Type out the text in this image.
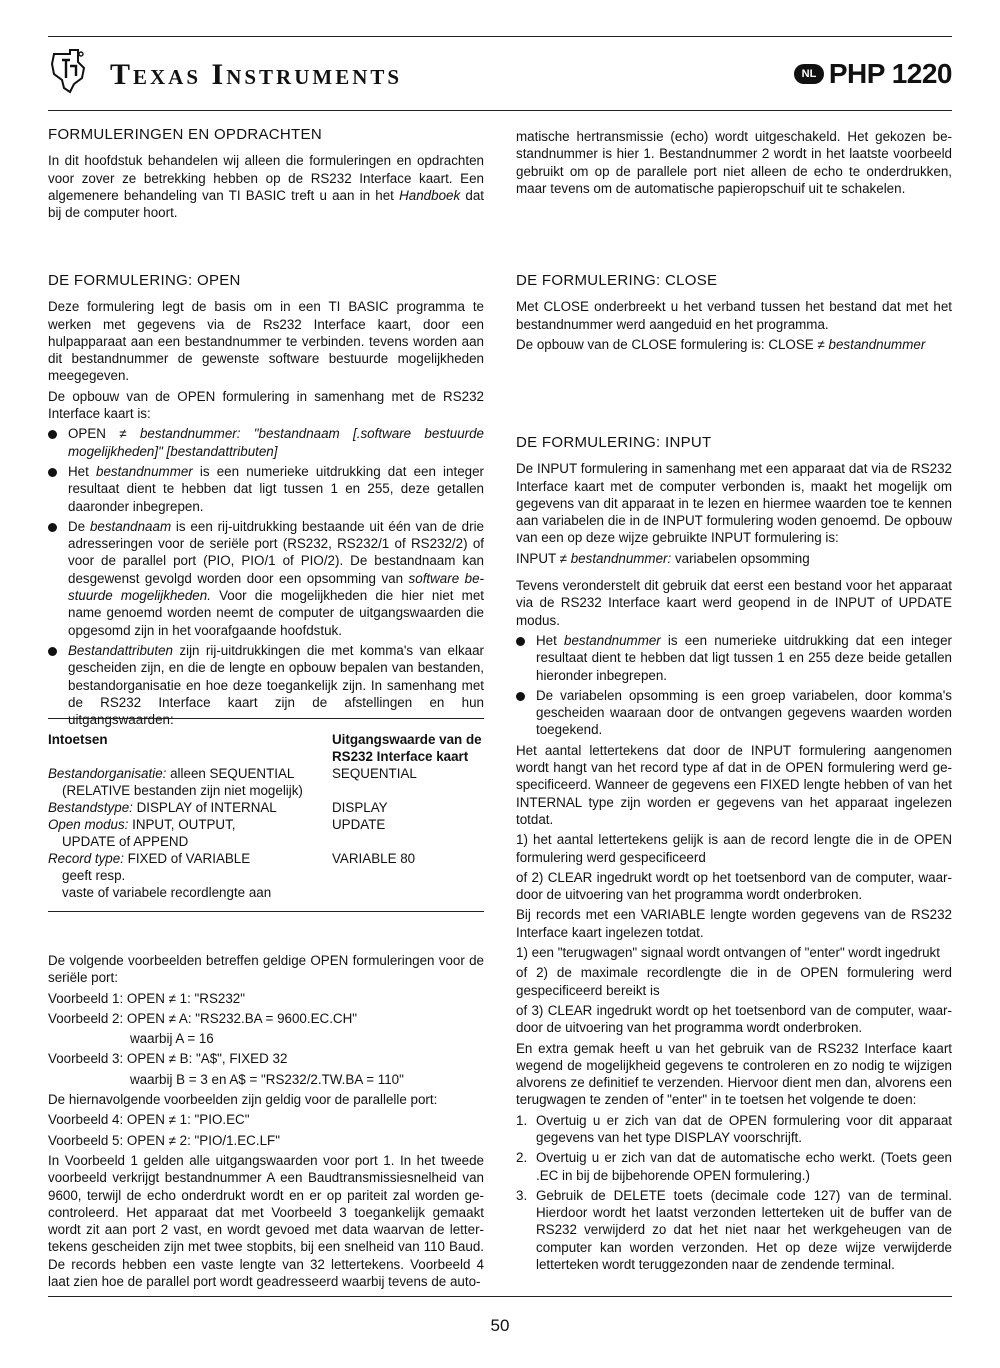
Texas Instruments	NL PHP 1220
FORMULERINGEN EN OPDRACHTEN

In dit hoofdstuk behandelen wij alleen die formuleringen en opdrachten voor zover ze betrekking hebben op de RS232 Interface kaart. Een algemenere behandeling van TI BASIC treft u aan in het Handboek dat bij de computer hoort.

DE FORMULERING: OPEN

Deze formulering legt de basis om in een TI BASIC programma te werken met gegevens via de Rs232 Interface kaart, door een hulpapparaat aan een bestandnummer te verbinden. tevens worden aan dit bestandnummer de gewenste software bestuurde mogelijkheden meegegeven.

De opbouw van de OPEN formulering in samenhang met de RS232 Interface kaart is:

OPEN ≠ bestandnummer: "bestandnaam [.software bestuurde mogelijkheden]" [bestandattributen]
Het bestandnummer is een numerieke uitdrukking dat een integer resultaat dient te hebben dat ligt tussen 1 en 255, deze getallen daaronder inbegrepen.
De bestandnaam is een rij-uitdrukking bestaande uit één van de drie adresseringen voor de seriële port (RS232, RS232/1 of RS232/2) of voor de parallel port (PIO, PIO/1 of PIO/2). De bestandnaam kan desgewenst gevolgd worden door een opsomming van software bestuurde mogelijkheden. Voor die mogelijkheden die hier niet met name genoemd worden neemt de computer de uitgangswaarden die opgesomd zijn in het voorafgaande hoofdstuk.
Bestandattributen zijn rij-uitdrukkingen die met komma's van elkaar gescheiden zijn, en die de lengte en opbouw bepalen van bestanden, bestandorganisatie en hoe deze toegankelijk zijn. In samenhang met de RS232 Interface kaart zijn de afstellingen en hun uitgangswaarden:
Intoetsen	Uitgangswaarde van de
RS232 Interface kaart
Bestandorganisatie: alleen SEQUENTIAL
(RELATIVE bestanden zijn niet mogelijk)	SEQUENTIAL
Bestandstype: DISPLAY of INTERNAL	DISPLAY
Open modus: INPUT, OUTPUT,
UPDATE of APPEND	UPDATE
Record type: FIXED of VARIABLE
geeft resp.
vaste of variabele recordlengte aan	VARIABLE 80

De volgende voorbeelden betreffen geldige OPEN formuleringen voor de seriële port:

Voorbeeld 1: OPEN ≠ 1: "RS232"

Voorbeeld 2: OPEN ≠ A: "RS232.BA = 9600.EC.CH"

waarbij A = 16

Voorbeeld 3: OPEN ≠ B: "A$", FIXED 32

waarbij B = 3 en A$ = "RS232/2.TW.BA = 110"

De hiernavolgende voorbeelden zijn geldig voor de parallelle port:

Voorbeeld 4: OPEN ≠ 1: "PIO.EC"

Voorbeeld 5: OPEN ≠ 2: "PIO/1.EC.LF"

In Voorbeeld 1 gelden alle uitgangswaarden voor port 1. In het tweede voorbeeld verkrijgt bestandnummer A een Baudtransmissiesnelheid van 9600, terwijl de echo onderdrukt wordt en er op pariteit zal worden gecontroleerd. Het apparaat dat met Voorbeeld 3 toegankelijk gemaakt wordt zit aan port 2 vast, en wordt gevoed met data waarvan de lettertekens gescheiden zijn met twee stopbits, bij een snelheid van 110 Baud. De records hebben een vaste lengte van 32 lettertekens. Voorbeeld 4 laat zien hoe de parallel port wordt geadresseerd waarbij tevens de auto-

matische hertransmissie (echo) wordt uitgeschakeld. Het gekozen bestandnummer is hier 1. Bestandnummer 2 wordt in het laatste voorbeeld gebruikt om op de parallele port niet alleen de echo te onderdrukken, maar tevens om de automatische papieropschuif uit te schakelen.

DE FORMULERING: CLOSE

Met CLOSE onderbreekt u het verband tussen het bestand dat met het bestandnummer werd aangeduid en het programma.

De opbouw van de CLOSE formulering is: CLOSE ≠ bestandnummer

DE FORMULERING: INPUT

De INPUT formulering in samenhang met een apparaat dat via de RS232 Interface kaart met de computer verbonden is, maakt het mogelijk om gegevens van dit apparaat in te lezen en hiermee waarden toe te kennen aan variabelen die in de INPUT formulering woden genoemd. De opbouw van een op deze wijze gebruikte INPUT formulering is:

INPUT ≠ bestandnummer: variabelen opsomming

Tevens veronderstelt dit gebruik dat eerst een bestand voor het apparaat via de RS232 Interface kaart werd geopend in de INPUT of UPDATE modus.

Het bestandnummer is een numerieke uitdrukking dat een integer resultaat dient te hebben dat ligt tussen 1 en 255 deze beide getallen hieronder inbegrepen.
De variabelen opsomming is een groep variabelen, door komma's gescheiden waaraan door de ontvangen gegevens waarden worden toegekend.

Het aantal lettertekens dat door de INPUT formulering aangenomen wordt hangt van het record type af dat in de OPEN formulering werd gespecificeerd. Wanneer de gegevens een FIXED lengte hebben of van het INTERNAL type zijn worden er gegevens van het apparaat ingelezen totdat.

1) het aantal lettertekens gelijk is aan de record lengte die in de OPEN formulering werd gespecificeerd

of 2) CLEAR ingedrukt wordt op het toetsenbord van de computer, waardoor de uitvoering van het programma wordt onderbroken.

Bij records met een VARIABLE lengte worden gegevens van de RS232 Interface kaart ingelezen totdat.

1) een "terugwagen" signaal wordt ontvangen of "enter" wordt ingedrukt

of 2) de maximale recordlengte die in de OPEN formulering werd gespecificeerd bereikt is

of 3) CLEAR ingedrukt wordt op het toetsenbord van de computer, waardoor de uitvoering van het programma wordt onderbroken.

En extra gemak heeft u van het gebruik van de RS232 Interface kaart wegend de mogelijkheid gegevens te controleren en zo nodig te wijzigen alvorens ze definitief te verzenden. Hiervoor dient men dan, alvorens een terugwagen te zenden of "enter" in te toetsen het volgende te doen:

1. Overtuig u er zich van dat de OPEN formulering voor dit apparaat gegevens van het type DISPLAY voorschrijft.
2. Overtuig u er zich van dat de automatische echo werkt. (Toets geen .EC in bij de bijbehorende OPEN formulering.)
3. Gebruik de DELETE toets (decimale code 127) van de terminal. Hierdoor wordt het laatst verzonden letterteken uit de buffer van de RS232 verwijderd zo dat het niet naar het werkgeheugen van de computer kan worden verzonden. Het op deze wijze verwijderde letterteken wordt teruggezonden naar de zendende terminal.
50
